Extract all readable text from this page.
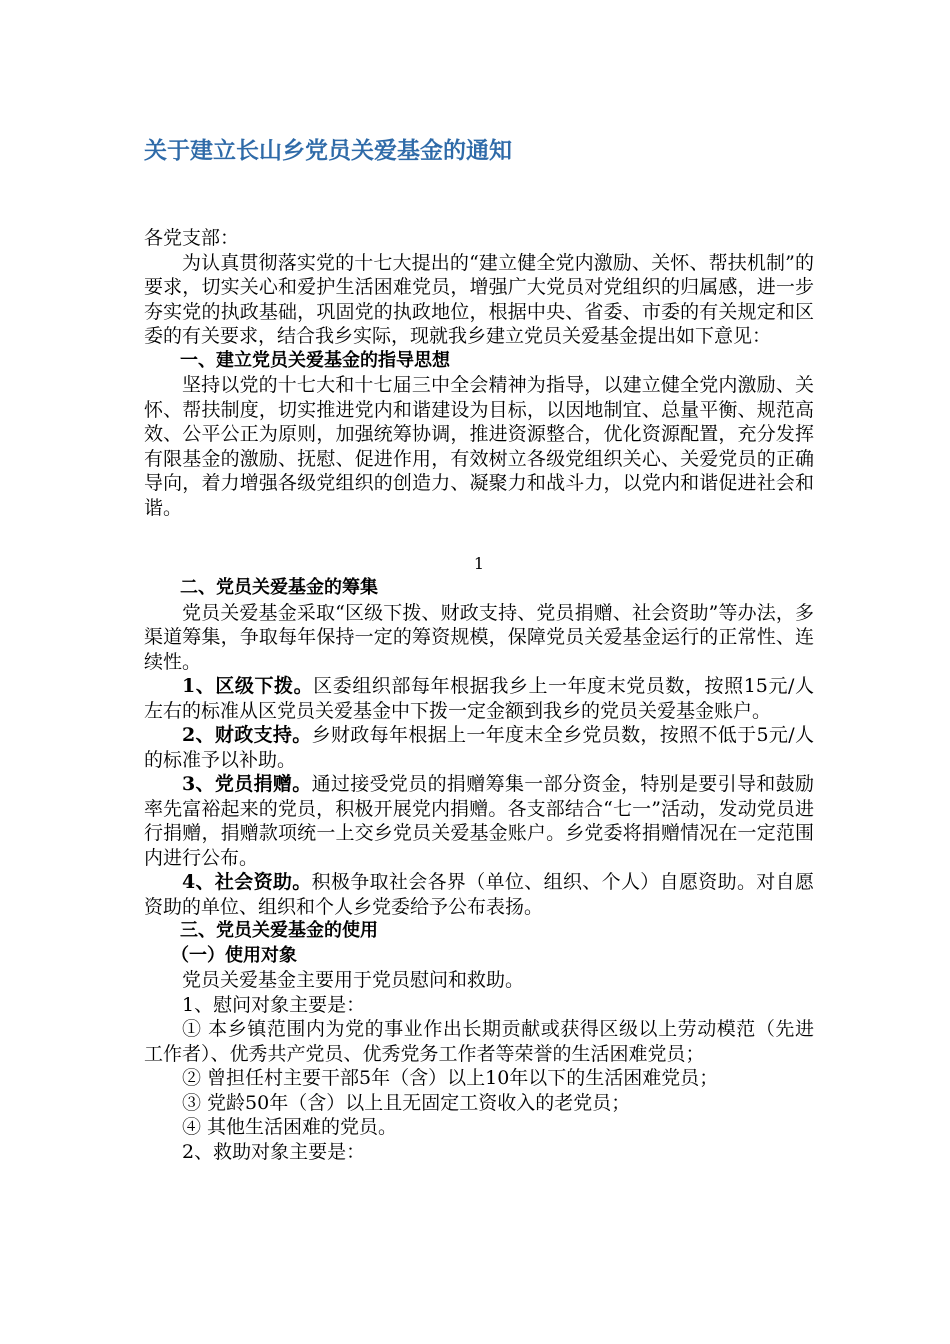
关于建立长山乡党员关爱基金的通知

各党支部：

为认真贯彻落实党的十七大提出的“建立健全党内激励、关怀、帮扶机制”的要求，切实关心和爱护生活困难党员，增强广大党员对党组织的归属感，进一步夯实党的执政基础，巩固党的执政地位，根据中央、省委、市委的有关规定和区委的有关要求，结合我乡实际，现就我乡建立党员关爱基金提出如下意见：

一、建立党员关爱基金的指导思想

坚持以党的十七大和十七届三中全会精神为指导，以建立健全党内激励、关怀、帮扶制度，切实推进党内和谐建设为目标，以因地制宜、总量平衡、规范高效、公平公正为原则，加强统筹协调，推进资源整合，优化资源配置，充分发挥有限基金的激励、抚慰、促进作用，有效树立各级党组织关心、关爱党员的正确导向，着力增强各级党组织的创造力、凝聚力和战斗力，以党内和谐促进社会和谐。

1

二、党员关爱基金的筹集

党员关爱基金采取“区级下拨、财政支持、党员捐赠、社会资助”等办法，多渠道筹集，争取每年保持一定的筹资规模，保障党员关爱基金运行的正常性、连续性。

1、区级下拨。区委组织部每年根据我乡上一年度末党员数，按照15元/人左右的标准从区党员关爱基金中下拨一定金额到我乡的党员关爱基金账户。

2、财政支持。乡财政每年根据上一年度末全乡党员数，按照不低于5元/人的标准予以补助。

3、党员捐赠。通过接受党员的捐赠筹集一部分资金，特别是要引导和鼓励率先富裕起来的党员，积极开展党内捐赠。各支部结合“七一”活动，发动党员进行捐赠，捐赠款项统一上交乡党员关爱基金账户。乡党委将捐赠情况在一定范围内进行公布。

4、社会资助。积极争取社会各界（单位、组织、个人）自愿资助。对自愿资助的单位、组织和个人乡党委给予公布表扬。

三、党员关爱基金的使用

（一）使用对象

党员关爱基金主要用于党员慰问和救助。

1、慰问对象主要是：

① 本乡镇范围内为党的事业作出长期贡献或获得区级以上劳动模范（先进工作者）、优秀共产党员、优秀党务工作者等荣誉的生活困难党员；

② 曾担任村主要干部5年（含）以上10年以下的生活困难党员；

③ 党龄50年（含）以上且无固定工资收入的老党员；

④ 其他生活困难的党员。

2、救助对象主要是：
